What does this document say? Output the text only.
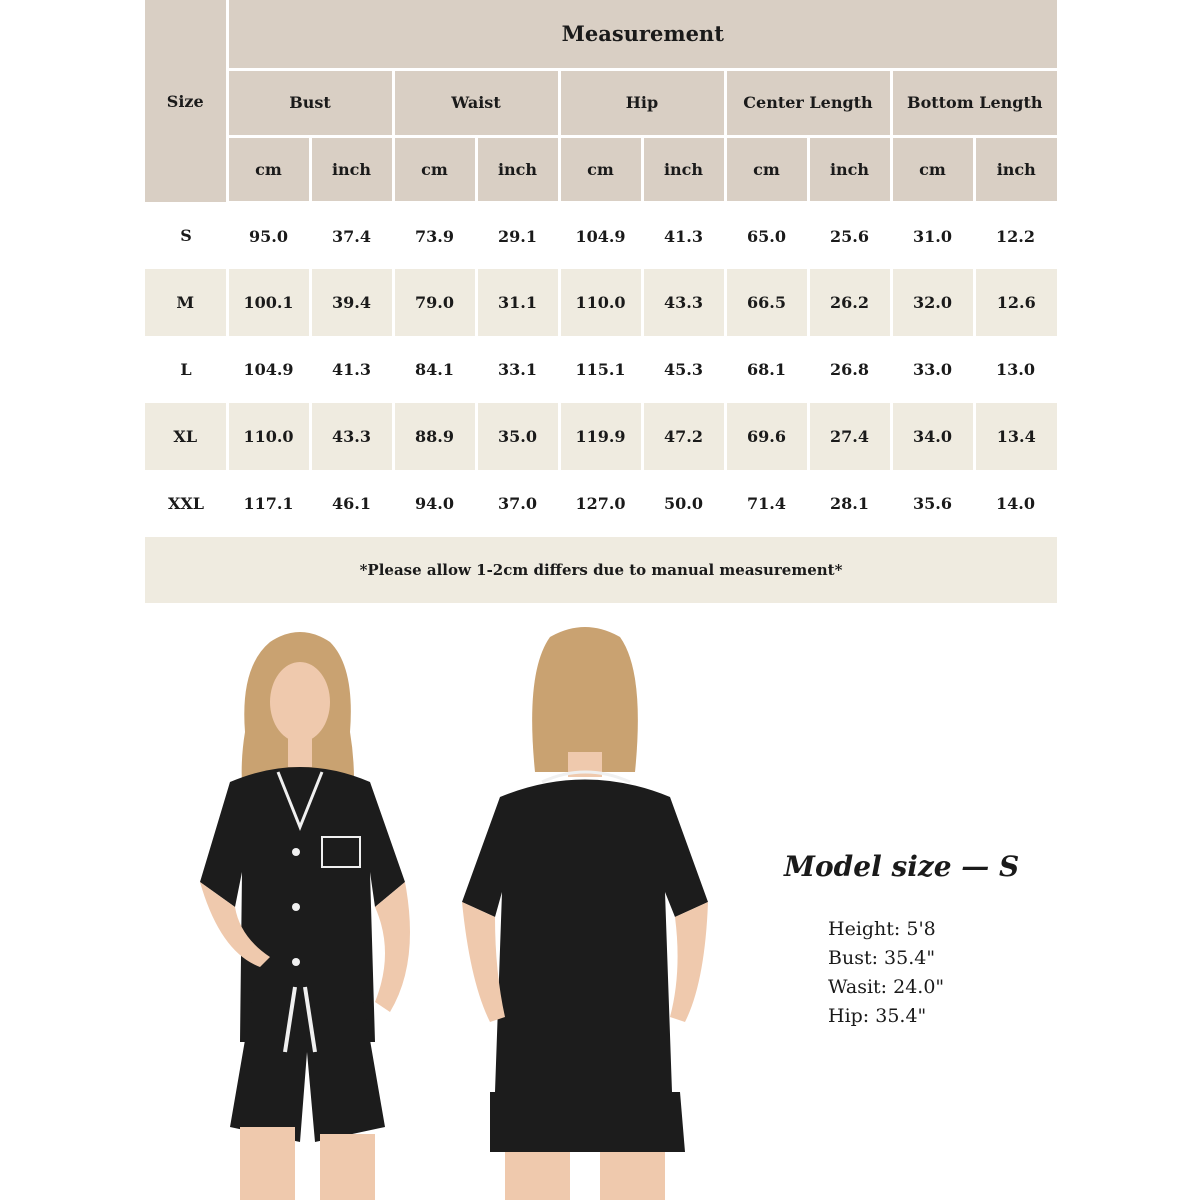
Size	Measurement									
	Bust		Waist		Hip		Center Length		Bottom Length	
	cm	inch	cm	inch	cm	inch	cm	inch	cm	inch
S	95.0	37.4	73.9	29.1	104.9	41.3	65.0	25.6	31.0	12.2
M	100.1	39.4	79.0	31.1	110.0	43.3	66.5	26.2	32.0	12.6
L	104.9	41.3	84.1	33.1	115.1	45.3	68.1	26.8	33.0	13.0
XL	110.0	43.3	88.9	35.0	119.9	47.2	69.6	27.4	34.0	13.4
XXL	117.1	46.1	94.0	37.0	127.0	50.0	71.4	28.1	35.6	14.0
*Please allow 1-2cm differs due to manual measurement*										
Model size — S
Height: 5'8
Bust: 35.4"
Wasit: 24.0"
Hip: 35.4"
